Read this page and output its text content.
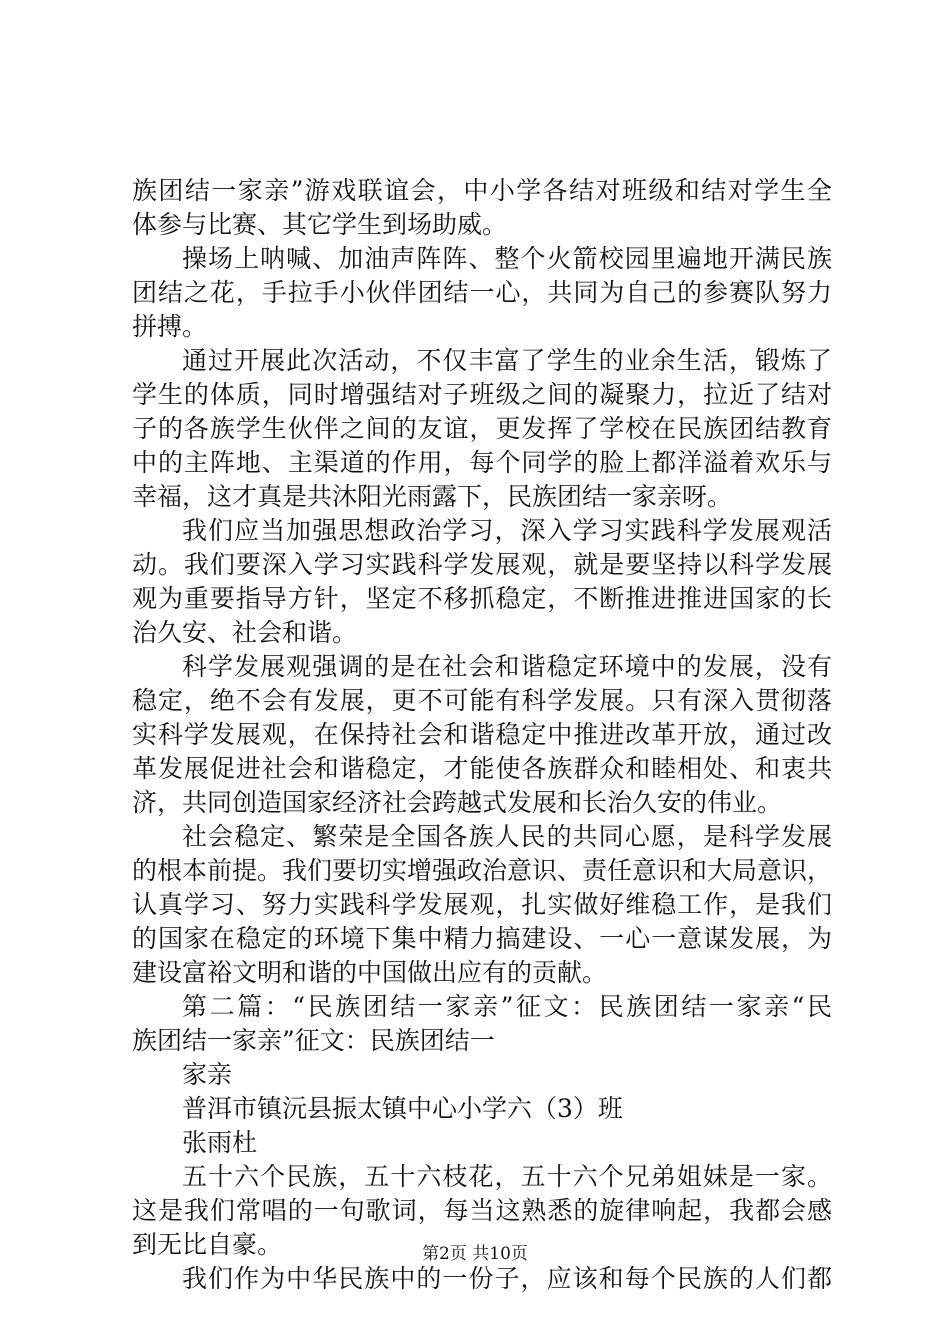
族团结一家亲”游戏联谊会，中小学各结对班级和结对学生全
体参与比赛、其它学生到场助威。
操场上呐喊、加油声阵阵、整个火箭校园里遍地开满民族
团结之花，手拉手小伙伴团结一心，共同为自己的参赛队努力
拼搏。
通过开展此次活动，不仅丰富了学生的业余生活，锻炼了
学生的体质，同时增强结对子班级之间的凝聚力，拉近了结对
子的各族学生伙伴之间的友谊，更发挥了学校在民族团结教育
中的主阵地、主渠道的作用，每个同学的脸上都洋溢着欢乐与
幸福，这才真是共沐阳光雨露下，民族团结一家亲呀。
我们应当加强思想政治学习，深入学习实践科学发展观活
动。我们要深入学习实践科学发展观，就是要坚持以科学发展
观为重要指导方针，坚定不移抓稳定，不断推进推进国家的长
治久安、社会和谐。
科学发展观强调的是在社会和谐稳定环境中的发展，没有
稳定，绝不会有发展，更不可能有科学发展。只有深入贯彻落
实科学发展观，在保持社会和谐稳定中推进改革开放，通过改
革发展促进社会和谐稳定，才能使各族群众和睦相处、和衷共
济，共同创造国家经济社会跨越式发展和长治久安的伟业。
社会稳定、繁荣是全国各族人民的共同心愿，是科学发展
的根本前提。我们要切实增强政治意识、责任意识和大局意识，
认真学习、努力实践科学发展观，扎实做好维稳工作，是我们
的国家在稳定的环境下集中精力搞建设、一心一意谋发展，为
建设富裕文明和谐的中国做出应有的贡献。
第二篇：“民族团结一家亲”征文：民族团结一家亲“民
族团结一家亲”征文：民族团结一
家亲
普洱市镇沅县振太镇中心小学六（3）班
张雨杜
五十六个民族，五十六枝花，五十六个兄弟姐妹是一家。
这是我们常唱的一句歌词，每当这熟悉的旋律响起，我都会感
到无比自豪。
我们作为中华民族中的一份子，应该和每个民族的人们都
第2页 共10页
